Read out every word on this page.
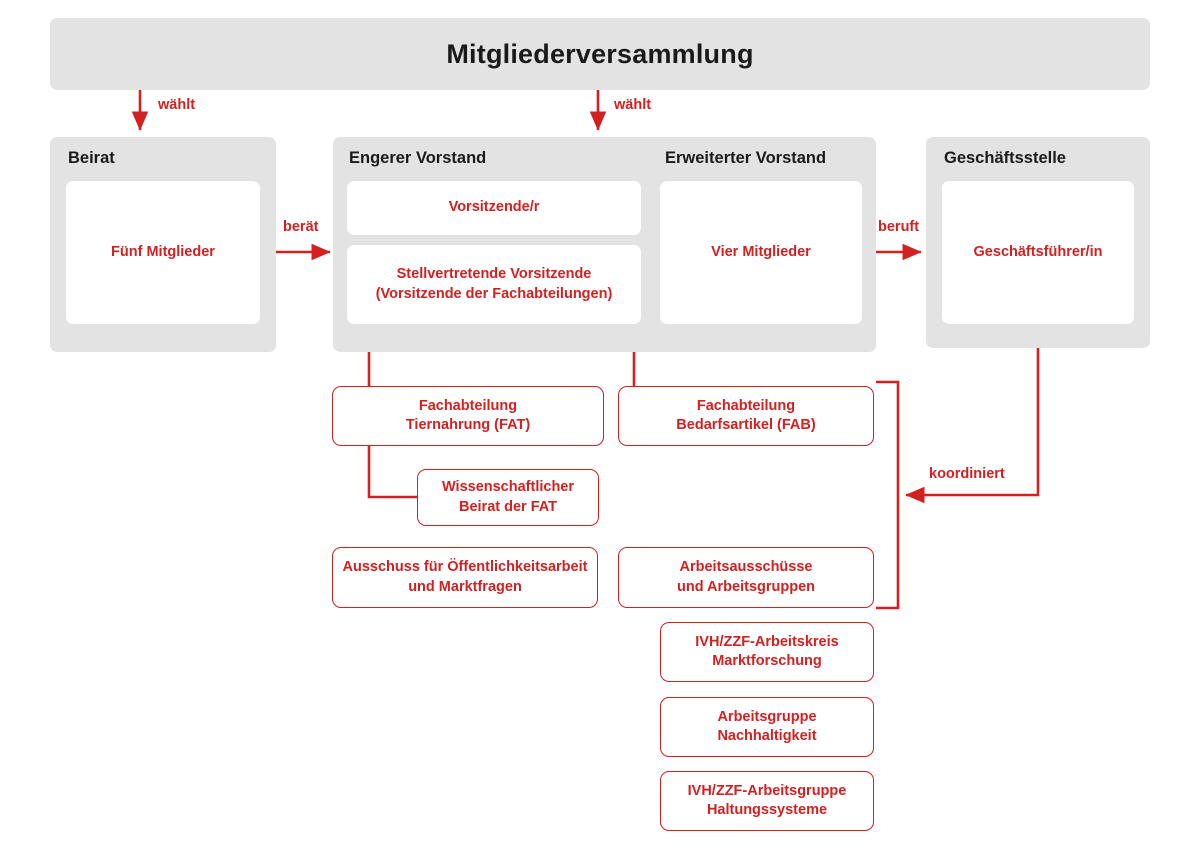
Mitgliederversammlung
wählt	wählt
berät	beruft
koordiniert
Beirat
Fünf Mitglieder
Engerer Vorstand	Erweiterter Vorstand
Vorsitzende/r
Stellvertretende Vorsitzende
(Vorsitzende der Fachabteilungen)
Vier Mitglieder
Geschäftsstelle
Geschäftsführer/in
Fachabteilung
Tiernahrung (FAT)
Fachabteilung
Bedarfsartikel (FAB)
Wissenschaftlicher
Beirat der FAT
Ausschuss für Öffentlichkeitsarbeit
und Marktfragen
Arbeitsausschüsse
und Arbeitsgruppen
IVH/ZZF-Arbeitskreis
Marktforschung
Arbeitsgruppe
Nachhaltigkeit
IVH/ZZF-Arbeitsgruppe
Haltungssysteme
